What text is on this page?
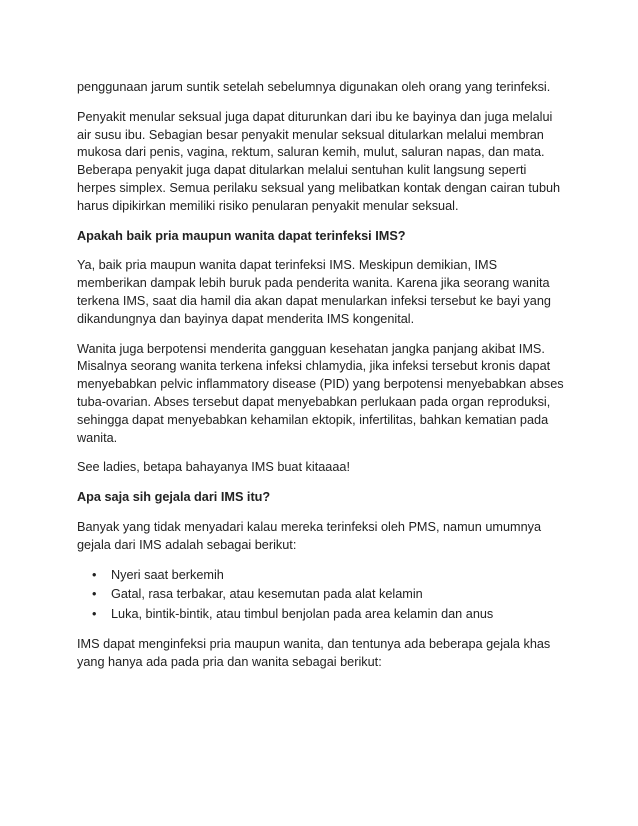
penggunaan jarum suntik setelah sebelumnya digunakan oleh orang yang terinfeksi.

Penyakit menular seksual juga dapat diturunkan dari ibu ke bayinya dan juga melalui air susu ibu. Sebagian besar penyakit menular seksual ditularkan melalui membran mukosa dari penis, vagina, rektum, saluran kemih, mulut, saluran napas, dan mata. Beberapa penyakit juga dapat ditularkan melalui sentuhan kulit langsung seperti herpes simplex. Semua perilaku seksual yang melibatkan kontak dengan cairan tubuh harus dipikirkan memiliki risiko penularan penyakit menular seksual.

Apakah baik pria maupun wanita dapat terinfeksi IMS?

Ya, baik pria maupun wanita dapat terinfeksi IMS. Meskipun demikian, IMS memberikan dampak lebih buruk pada penderita wanita. Karena jika seorang wanita terkena IMS, saat dia hamil dia akan dapat menularkan infeksi tersebut ke bayi yang dikandungnya dan bayinya dapat menderita IMS kongenital.

Wanita juga berpotensi menderita gangguan kesehatan jangka panjang akibat IMS. Misalnya seorang wanita terkena infeksi chlamydia, jika infeksi tersebut kronis dapat menyebabkan pelvic inflammatory disease (PID) yang berpotensi menyebabkan abses tuba-ovarian. Abses tersebut dapat menyebabkan perlukaan pada organ reproduksi, sehingga dapat menyebabkan kehamilan ektopik, infertilitas, bahkan kematian pada wanita.

See ladies, betapa bahayanya IMS buat kitaaaa!

Apa saja sih gejala dari IMS itu?

Banyak yang tidak menyadari kalau mereka terinfeksi oleh PMS, namun umumnya gejala dari IMS adalah sebagai berikut:

• Nyeri saat berkemih
• Gatal, rasa terbakar, atau kesemutan pada alat kelamin
• Luka, bintik-bintik, atau timbul benjolan pada area kelamin dan anus

IMS dapat menginfeksi pria maupun wanita, dan tentunya ada beberapa gejala khas yang hanya ada pada pria dan wanita sebagai berikut:
